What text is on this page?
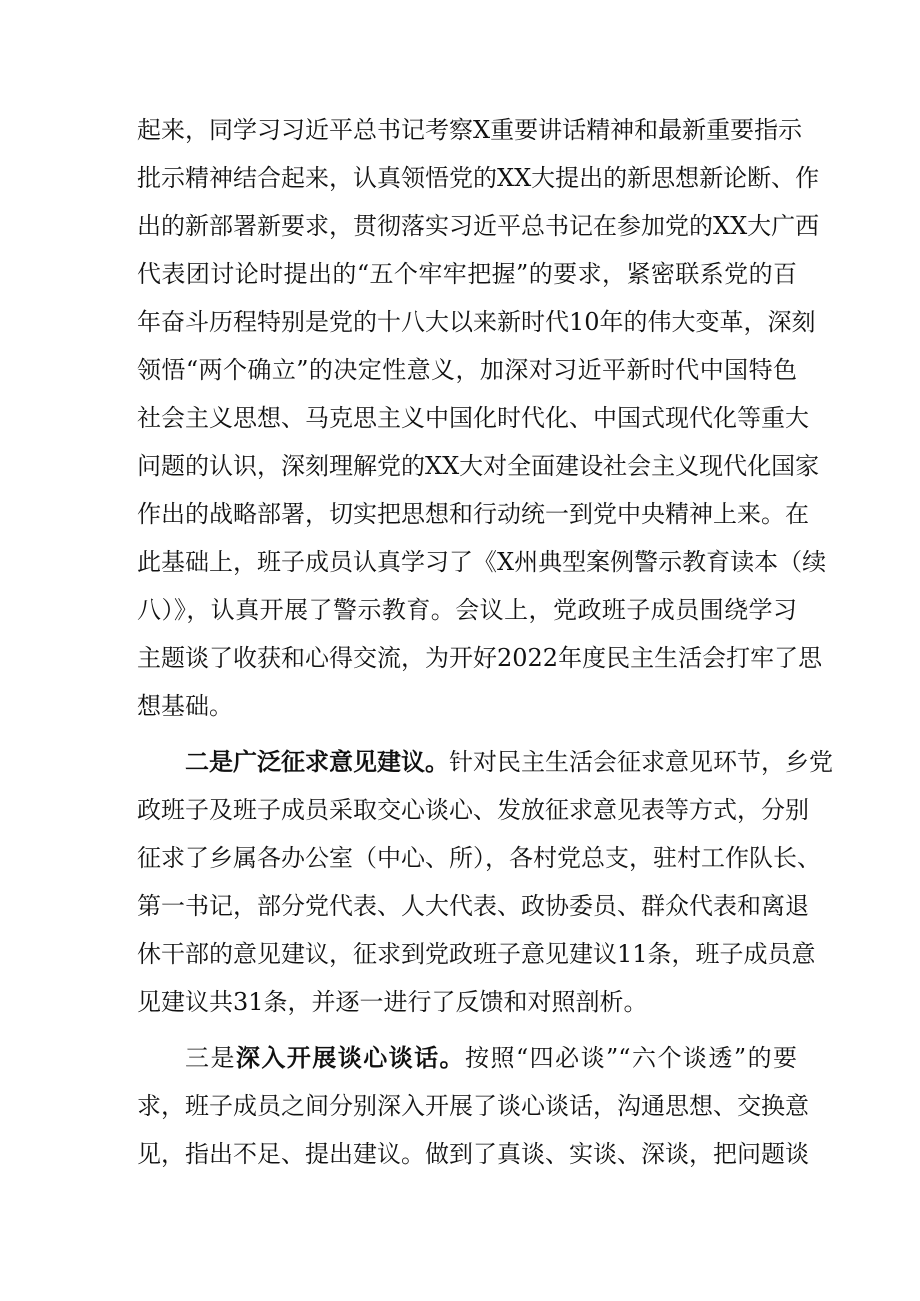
起来，同学习习近平总书记考察X重要讲话精神和最新重要指示
批示精神结合起来，认真领悟党的XX大提出的新思想新论断、作
出的新部署新要求，贯彻落实习近平总书记在参加党的XX大广西
代表团讨论时提出的“五个牢牢把握”的要求，紧密联系党的百
年奋斗历程特别是党的十八大以来新时代10年的伟大变革，深刻
领悟“两个确立”的决定性意义，加深对习近平新时代中国特色
社会主义思想、马克思主义中国化时代化、中国式现代化等重大
问题的认识，深刻理解党的XX大对全面建设社会主义现代化国家
作出的战略部署，切实把思想和行动统一到党中央精神上来。在
此基础上，班子成员认真学习了《X州典型案例警示教育读本（续
八）》，认真开展了警示教育。会议上，党政班子成员围绕学习
主题谈了收获和心得交流，为开好2022年度民主生活会打牢了思
想基础。
二是广泛征求意见建议。针对民主生活会征求意见环节，乡党
政班子及班子成员采取交心谈心、发放征求意见表等方式，分别
征求了乡属各办公室（中心、所），各村党总支，驻村工作队长、
第一书记，部分党代表、人大代表、政协委员、群众代表和离退
休干部的意见建议，征求到党政班子意见建议11条，班子成员意
见建议共31条，并逐一进行了反馈和对照剖析。
三是深入开展谈心谈话。按照“四必谈”“六个谈透”的要
求，班子成员之间分别深入开展了谈心谈话，沟通思想、交换意
见，指出不足、提出建议。做到了真谈、实谈、深谈，把问题谈
